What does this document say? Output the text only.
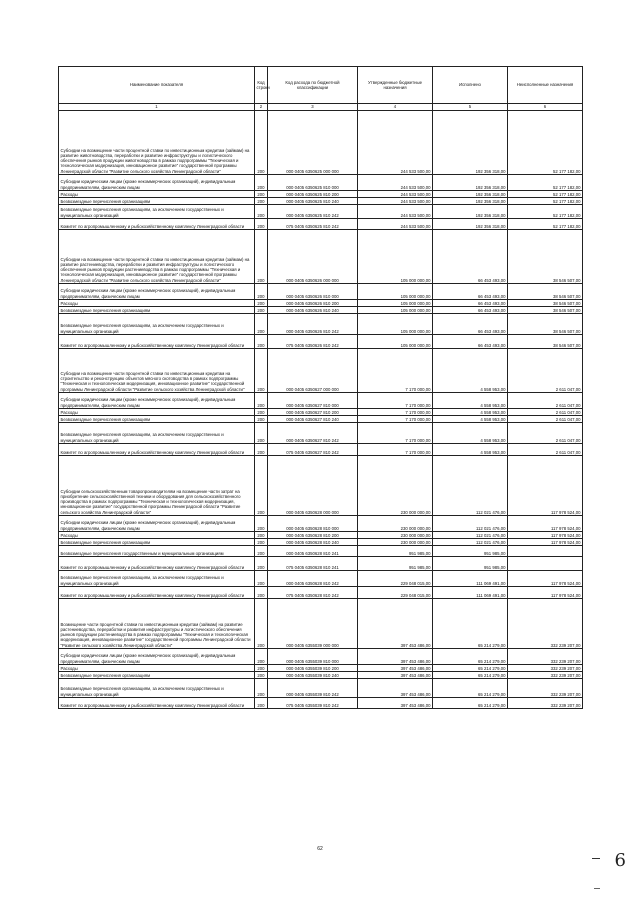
Наименование показателя	Код строки	Код расхода по бюджетной классификации	Утвержденные бюджетные назначения	Исполнено	Неисполненные назначения
1	2	3	4	5	6
Субсидии на возмещение части процентной ставки по инвестиционным кредитам (займам) на развитие животноводства, переработки и развитие инфраструктуры и логистического обеспечения рынков продукции животноводства в рамках подпрограммы "Техническая и технологическая модернизация, инновационное развитие" государственной программы Ленинградской области "Развитие сельского хозяйства Ленинградской области"	200	000 0405 6350625 000 000	244 533 500,00	192 356 318,00	52 177 182,00
Субсидии юридическим лицам (кроме некоммерческих организаций), индивидуальным предпринимателям, физическим лицам	200	000 0405 6350625 810 000	244 533 500,00	192 356 318,00	52 177 182,00
Расходы	200	000 0405 6350625 810 200	244 533 500,00	192 356 318,00	52 177 182,00
Безвозмездные перечисления организациям	200	000 0405 6350625 810 240	244 533 500,00	192 356 318,00	52 177 182,00
Безвозмездные перечисления организациям, за исключением государственных и муниципальных организаций	200	000 0405 6350625 810 242	244 533 500,00	192 356 318,00	52 177 182,00
Комитет по агропромышленному и рыбохозяйственному комплексу Ленинградской области	200	075 0405 6350625 810 242	244 533 500,00	192 356 318,00	52 177 182,00
Субсидии на возмещение части процентной ставки по инвестиционным кредитам (займам) на развитие растениеводства, переработки и развития инфраструктуры и логистического обеспечения рынков продукции растениеводства в рамках подпрограммы "Техническая и технологическая модернизация, инновационное развитие" государственной программы Ленинградской области "Развитие сельского хозяйства Ленинградской области"	200	000 0405 6350626 000 000	105 000 000,00	66 453 493,00	38 546 507,00
Субсидии юридическим лицам (кроме некоммерческих организаций), индивидуальным предпринимателям, физическим лицам	200	000 0405 6350626 810 000	105 000 000,00	66 453 493,00	38 546 507,00
Расходы	200	000 0405 6350626 810 200	105 000 000,00	66 453 493,00	38 546 507,00
Безвозмездные перечисления организациям	200	000 0405 6350626 810 240	105 000 000,00	66 453 493,00	38 546 507,00
Безвозмездные перечисления организациям, за исключением государственных и муниципальных организаций	200	000 0405 6350626 810 242	105 000 000,00	66 453 493,00	38 546 507,00
Комитет по агропромышленному и рыбохозяйственному комплексу Ленинградской области	200	075 0405 6350626 810 242	105 000 000,00	66 453 493,00	38 546 507,00
Субсидии на возмещение части процентной ставки по инвестиционным кредитам на строительство и реконструкцию объектов мясного скотоводства в рамках подпрограммы "Техническая и технологическая модернизация, инновационное развитие" государственной программы Ленинградской области "Развитие сельского хозяйства Ленинградской области"	200	000 0405 6350627 000 000	7 170 000,00	4 558 953,00	2 611 047,00
Субсидии юридическим лицам (кроме некоммерческих организаций), индивидуальным предпринимателям, физическим лицам	200	000 0405 6350627 810 000	7 170 000,00	4 558 953,00	2 611 047,00
Расходы	200	000 0405 6350627 810 200	7 170 000,00	4 558 953,00	2 611 047,00
Безвозмездные перечисления организациям	200	000 0405 6350627 810 240	7 170 000,00	4 558 953,00	2 611 047,00
Безвозмездные перечисления организациям, за исключением государственных и муниципальных организаций	200	000 0405 6350627 810 242	7 170 000,00	4 558 953,00	2 611 047,00
Комитет по агропромышленному и рыбохозяйственному комплексу Ленинградской области	200	075 0405 6350627 810 242	7 170 000,00	4 558 953,00	2 611 047,00
Субсидии сельскохозяйственным товаропроизводителям на возмещение части затрат на приобретение сельскохозяйственной техники и оборудования для сельскохозяйственного производства в рамках подпрограммы "Техническая и технологическая модернизация, инновационное развитие" государственной программы Ленинградской области "Развитие сельского хозяйства Ленинградской области"	200	000 0405 6350628 000 000	230 000 000,00	112 021 476,00	117 978 524,00
Субсидии юридическим лицам (кроме некоммерческих организаций), индивидуальным предпринимателям, физическим лицам	200	000 0405 6350628 810 000	230 000 000,00	112 021 476,00	117 978 524,00
Расходы	200	000 0405 6350628 810 200	230 000 000,00	112 021 476,00	117 978 524,00
Безвозмездные перечисления организациям	200	000 0405 6350628 810 240	230 000 000,00	112 021 476,00	117 978 524,00
Безвозмездные перечисления государственным и муниципальным организациям	200	000 0405 6350628 810 241	951 985,00	951 985,00	
Комитет по агропромышленному и рыбохозяйственному комплексу Ленинградской области	200	075 0405 6350628 810 241	951 985,00	951 985,00	
Безвозмездные перечисления организациям, за исключением государственных и муниципальных организаций	200	000 0405 6350628 810 242	229 048 015,00	111 069 491,00	117 978 524,00
Комитет по агропромышленному и рыбохозяйственному комплексу Ленинградской области	200	075 0405 6350628 810 242	229 048 015,00	111 069 491,00	117 978 524,00
Возмещение части процентной ставки по инвестиционным кредитам (займам) на развитие растениеводства, переработки и развития инфраструктуры и логистического обеспечения рынков продукции растениеводства в рамках подпрограммы "Техническая и технологическая модернизация, инновационное развитие" государственной программы Ленинградской области "Развитие сельского хозяйства Ленинградской области"	200	000 0405 6355039 000 000	397 453 486,00	65 214 279,00	332 239 207,00
Субсидии юридическим лицам (кроме некоммерческих организаций), индивидуальным предпринимателям, физическим лицам	200	000 0405 6355039 810 000	397 453 486,00	65 214 279,00	332 239 207,00
Расходы	200	000 0405 6355039 810 200	397 453 486,00	65 214 279,00	332 239 207,00
Безвозмездные перечисления организациям	200	000 0405 6355039 810 240	397 453 486,00	65 214 279,00	332 239 207,00
Безвозмездные перечисления организациям, за исключением государственных и муниципальных организаций	200	000 0405 6355039 810 242	397 453 486,00	65 214 279,00	332 239 207,00
Комитет по агропромышленному и рыбохозяйственному комплексу Ленинградской области	200	075 0405 6355039 810 242	397 453 486,00	65 214 279,00	332 239 207,00
62
6
